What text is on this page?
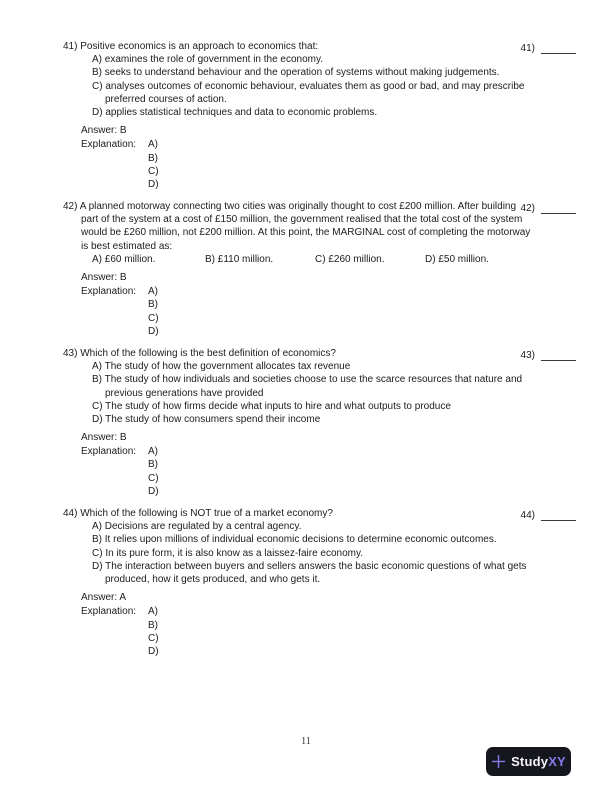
41)
41) Positive economics is an approach to economics that:
A) examines the role of government in the economy.
B) seeks to understand behaviour and the operation of systems without making judgements.
C) analyses outcomes of economic behaviour, evaluates them as good or bad, and may prescribe preferred courses of action.
D) applies statistical techniques and data to economic problems.
Answer: B
Explanation:	A)
B)
C)
D)
42)
42) A planned motorway connecting two cities was originally thought to cost £200 million. After building part of the system at a cost of £150 million, the government realised that the total cost of the system would be £260 million, not £200 million. At this point, the MARGINAL cost of completing the motorway is best estimated as:
A) £60 million.	B) £110 million.	C) £260 million.	D) £50 million.
Answer: B
Explanation:	A)
B)
C)
D)
43)
43) Which of the following is the best definition of economics?
A) The study of how the government allocates tax revenue
B) The study of how individuals and societies choose to use the scarce resources that nature and previous generations have provided
C) The study of how firms decide what inputs to hire and what outputs to produce
D) The study of how consumers spend their income
Answer: B
Explanation:	A)
B)
C)
D)
44)
44) Which of the following is NOT true of a market economy?
A) Decisions are regulated by a central agency.
B) It relies upon millions of individual economic decisions to determine economic outcomes.
C) In its pure form, it is also know as a laissez-faire economy.
D) The interaction between buyers and sellers answers the basic economic questions of what gets produced, how it gets produced, and who gets it.
Answer: A
Explanation:	A)
B)
C)
D)
11
StudyXY
